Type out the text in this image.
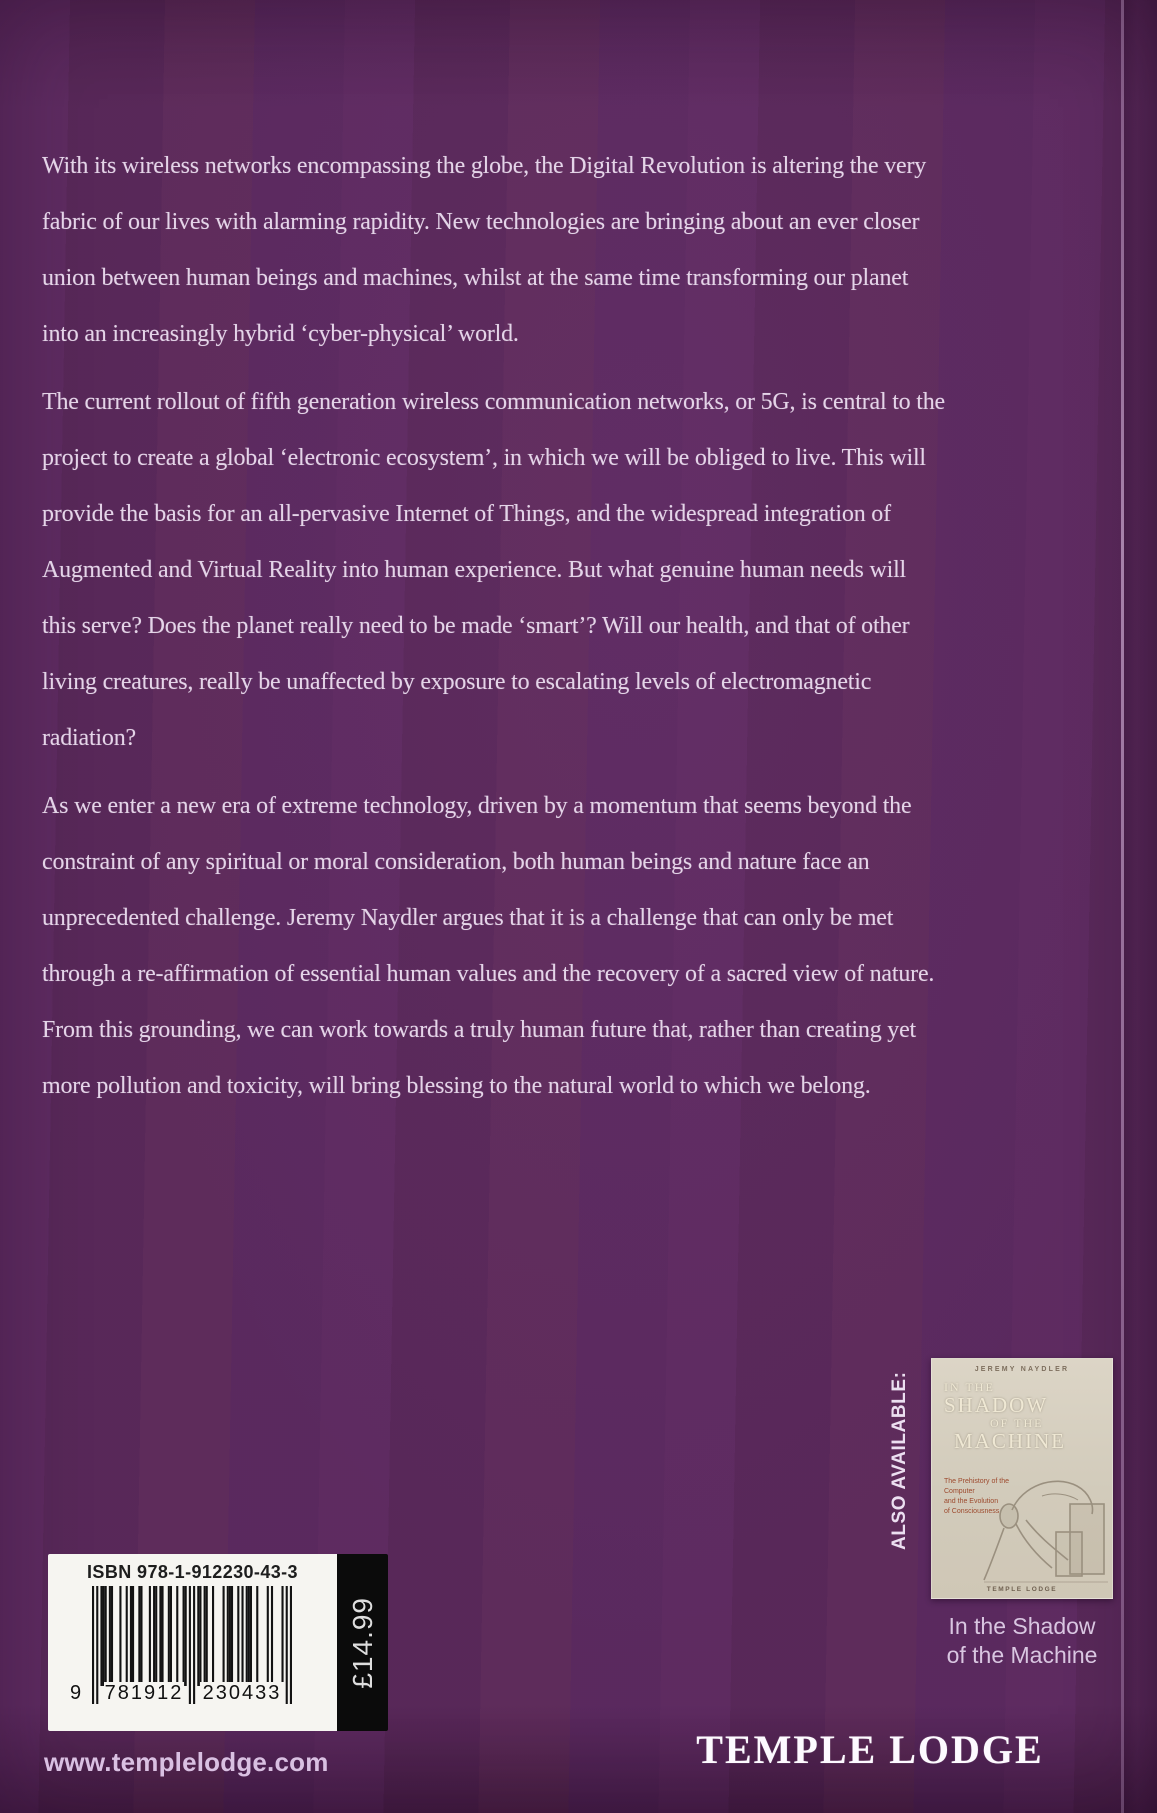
With its wireless networks encompassing the globe, the Digital Revolution is altering the very fabric of our lives with alarming rapidity. New technologies are bringing about an ever closer union between human beings and machines, whilst at the same time transforming our planet into an increasingly hybrid ‘cyber-physical’ world.

The current rollout of fifth generation wireless communication networks, or 5G, is central to the project to create a global ‘electronic ecosystem’, in which we will be obliged to live. This will provide the basis for an all-pervasive Internet of Things, and the widespread integration of Augmented and Virtual Reality into human experience. But what genuine human needs will this serve? Does the planet really need to be made ‘smart’? Will our health, and that of other living creatures, really be unaffected by exposure to escalating levels of electromagnetic radiation?

As we enter a new era of extreme technology, driven by a momentum that seems beyond the constraint of any spiritual or moral consideration, both human beings and nature face an unprecedented challenge. Jeremy Naydler argues that it is a challenge that can only be met through a re-affirmation of essential human values and the recovery of a sacred view of nature. From this grounding, we can work towards a truly human future that, rather than creating yet more pollution and toxicity, will bring blessing to the natural world to which we belong.

ALSO AVAILABLE:
JEREMY NAYDLER
IN THE
SHADOW
OF THE
MACHINE
The Prehistory of the
Computer
and the Evolution
of Consciousness
TEMPLE LODGE
In the Shadow
of the Machine
ISBN 978-1-912230-43-3
9 781912 230433
£14.99
www.templelodge.com	TEMPLE LODGE
